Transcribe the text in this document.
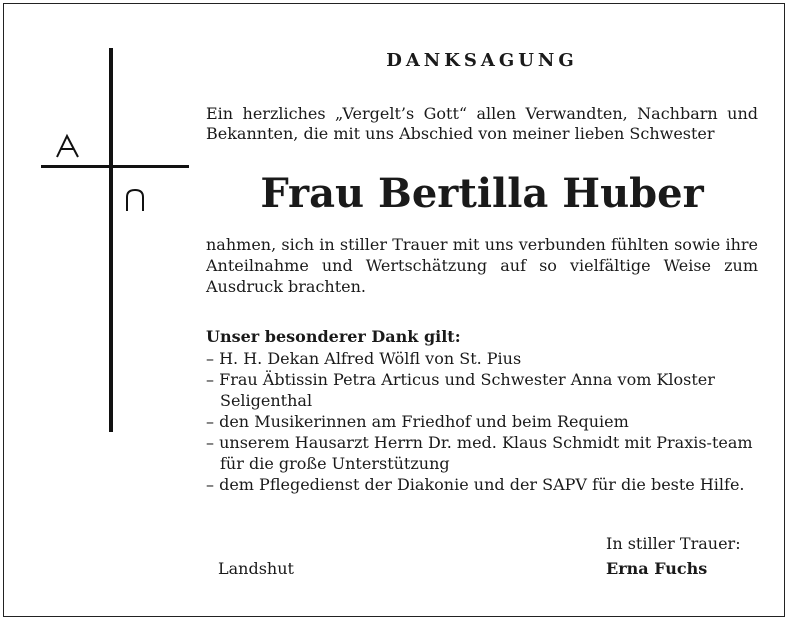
DANKSAGUNG
Ein herzliches „Vergelt’s Gott“ allen Verwandten, Nachbarn und Bekannten, die mit uns Abschied von meiner lieben Schwester
Frau Bertilla Huber
nahmen, sich in stiller Trauer mit uns verbunden fühlten sowie ihre Anteilnahme und Wertschätzung auf so vielfältige Weise zum Ausdruck brachten.
Unser besonderer Dank gilt:
– H. H. Dekan Alfred Wölfl von St. Pius
– Frau Äbtissin Petra Articus und Schwester Anna vom Kloster Seligenthal
– den Musikerinnen am Friedhof und beim Requiem
– unserem Hausarzt Herrn Dr. med. Klaus Schmidt mit Praxis-team für die große Unterstützung
– dem Pflegedienst der Diakonie und der SAPV für die beste Hilfe.
In stiller Trauer:
Landshut	Erna Fuchs
